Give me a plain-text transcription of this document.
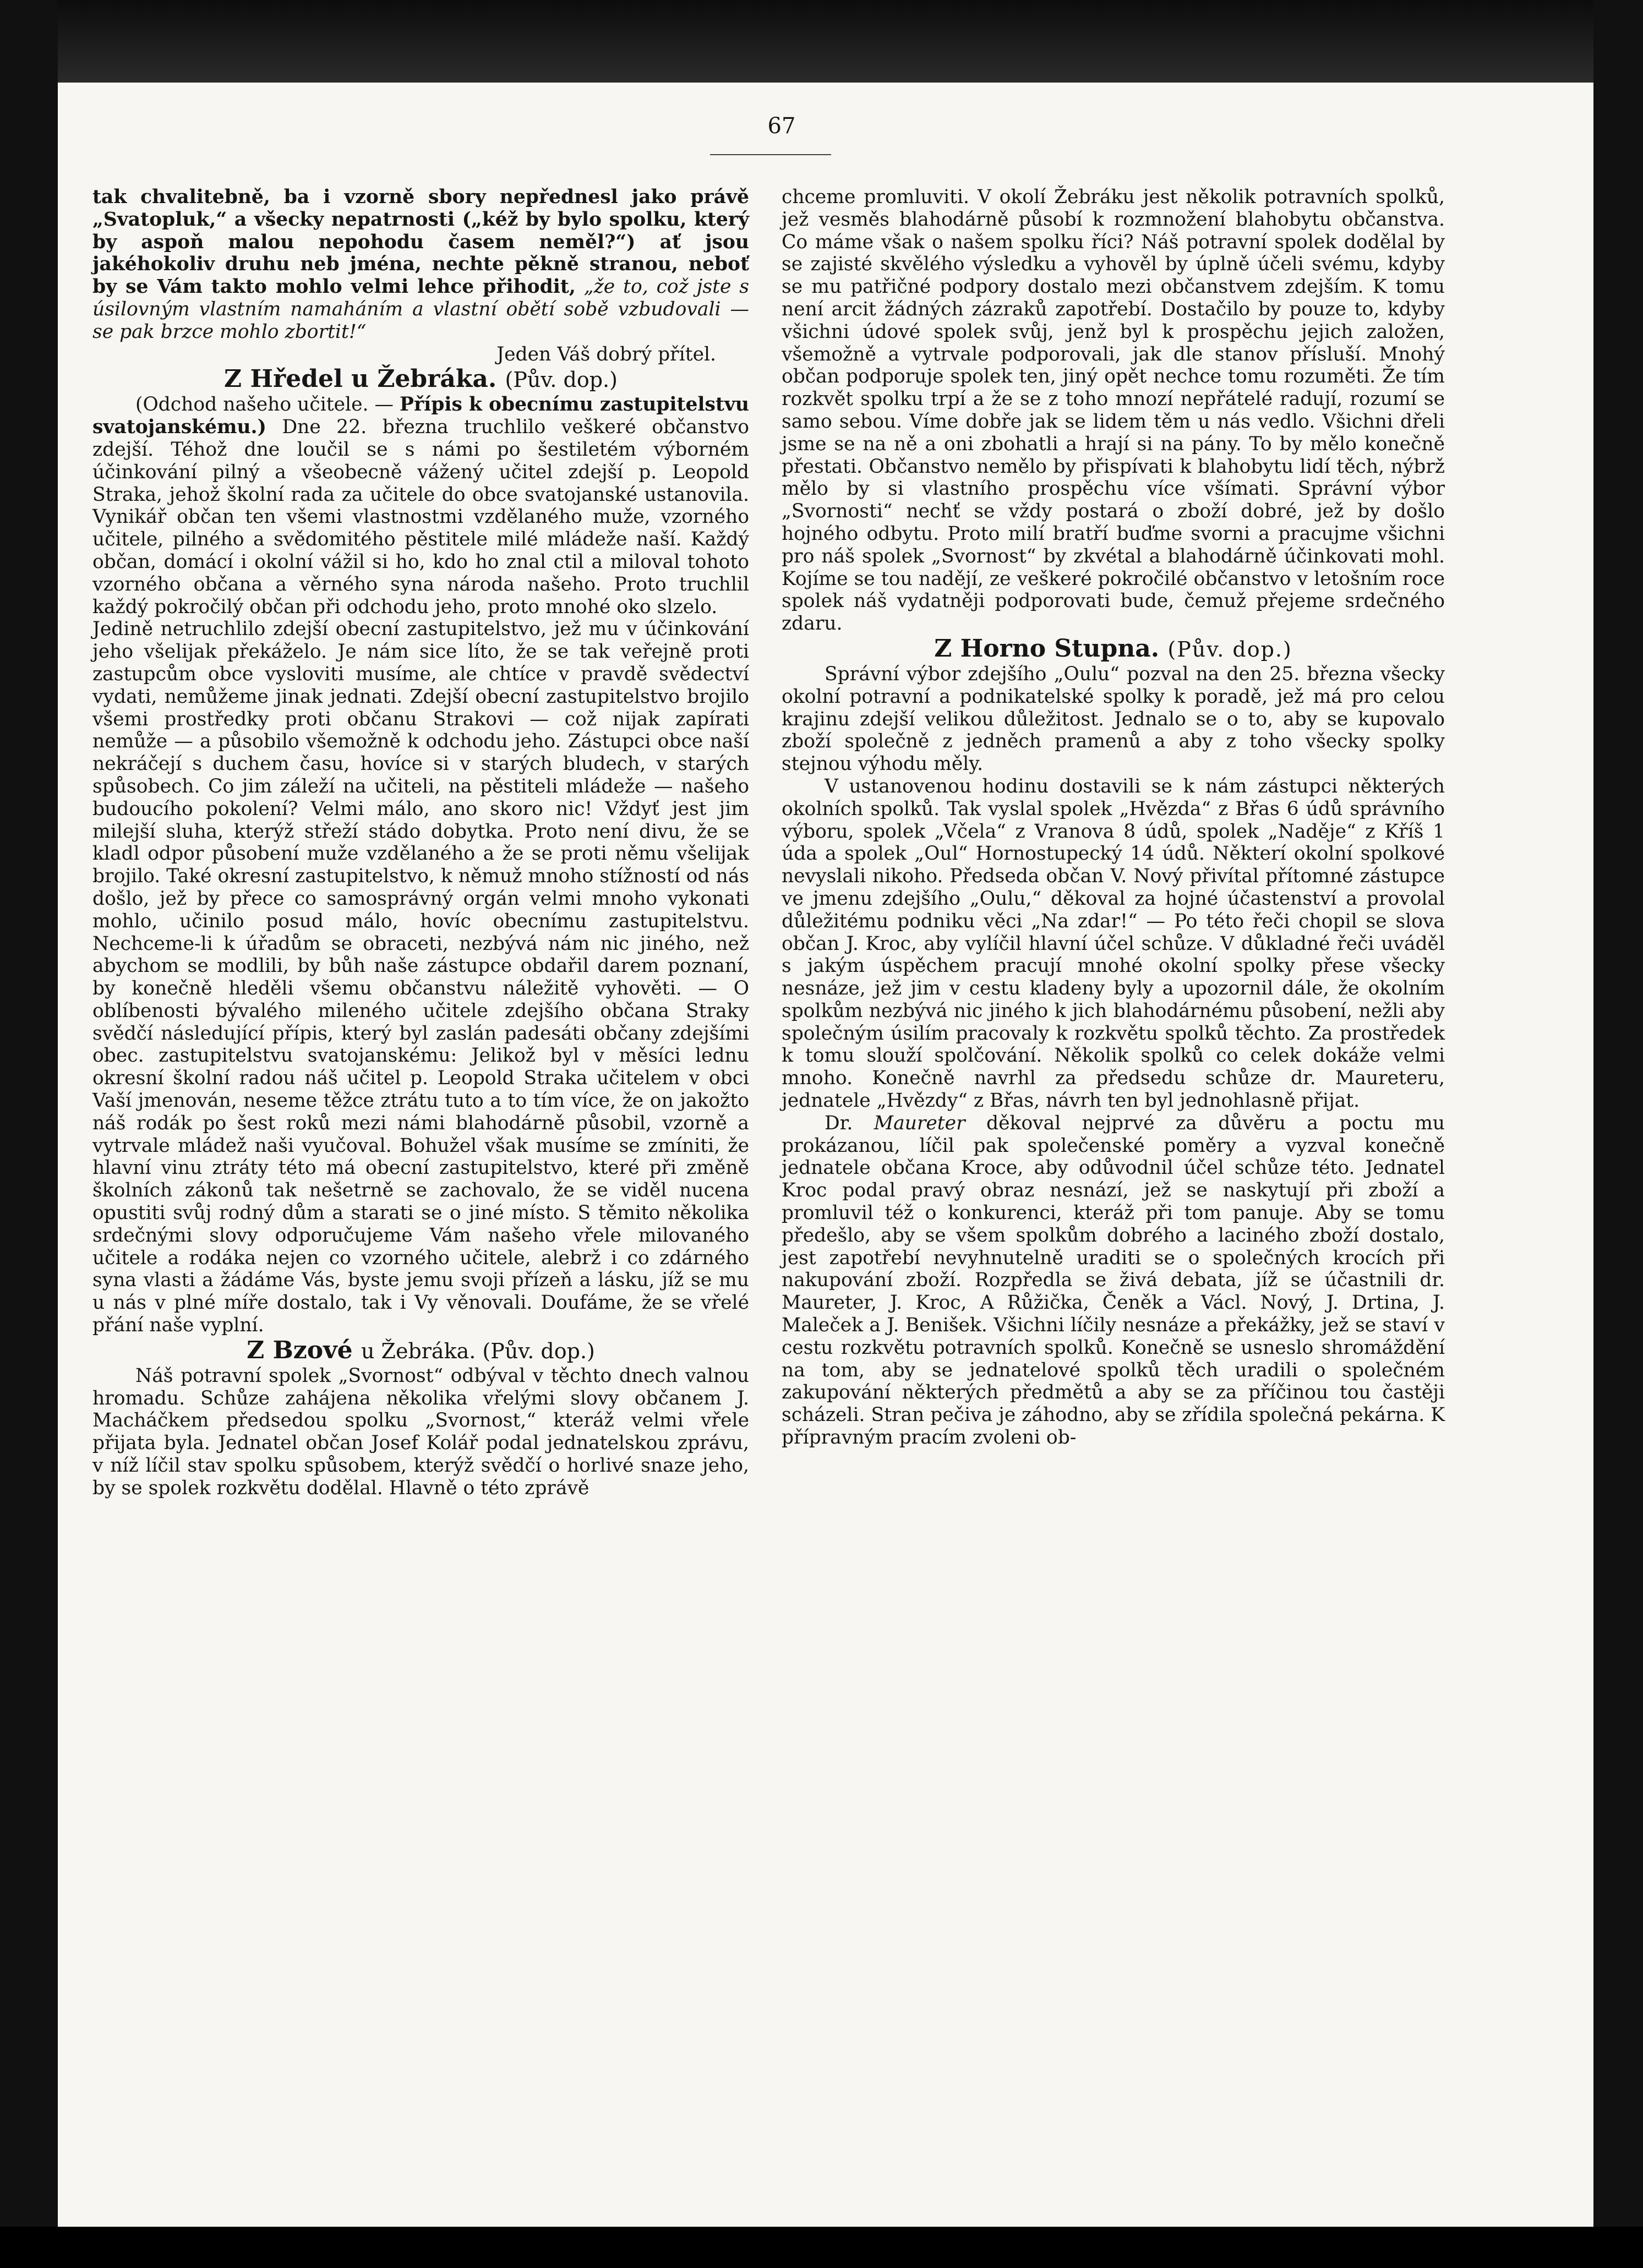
67

tak chvalitebně, ba i vzorně sbory nepřednesl jako právě „Svatopluk,“ a všecky nepatrnosti („kéž by bylo spolku, který by aspoň malou nepohodu časem neměl?“) ať jsou jakéhokoliv druhu neb jména, nechte pěkně stranou, neboť by se Vám takto mohlo velmi lehce přihodit, „že to, což jste s úsilovným vlastním namaháním a vlastní obětí sobě vzbudovali — se pak brzce mohlo zbortit!“

Jeden Váš dobrý přítel.
Z Hředel u Žebráka. (Pův. dop.)

(Odchod našeho učitele. — Přípis k obecnímu zastupitelstvu svatojanskému.) Dne 22. března truchlilo veškeré občanstvo zdejší. Téhož dne loučil se s námi po šestiletém výborném účinkování pilný a všeobecně vážený učitel zdejší p. Leopold Straka, jehož školní rada za učitele do obce svatojanské ustanovila. Vynikář občan ten všemi vlastnostmi vzdělaného muže, vzorného učitele, pilného a svědomitého pěstitele milé mládeže naší. Každý občan, domácí i okolní vážil si ho, kdo ho znal ctil a miloval tohoto vzorného občana a věrného syna národa našeho. Proto truchlil každý pokročilý občan při odchodu jeho, proto mnohé oko slzelo.

Jedině netruchlilo zdejší obecní zastupitelstvo, jež mu v účinkování jeho všelijak překáželo. Je nám sice líto, že se tak veřejně proti zastupcům obce vysloviti musíme, ale chtíce v pravdě svědectví vydati, nemůžeme jinak jednati. Zdejší obecní zastupitelstvo brojilo všemi prostředky proti občanu Strakovi — což nijak zapírati nemůže — a působilo všemožně k odchodu jeho. Zástupci obce naší nekráčejí s duchem času, hovíce si v starých bludech, v starých spůsobech. Co jim záleží na učiteli, na pěstiteli mládeže — našeho budoucího pokolení? Velmi málo, ano skoro nic! Vždyť jest jim milejší sluha, kterýž střeží stádo dobytka. Proto není divu, že se kladl odpor působení muže vzdělaného a že se proti němu všelijak brojilo. Také okresní zastupitelstvo, k němuž mnoho stížností od nás došlo, jež by přece co samosprávný orgán velmi mnoho vykonati mohlo, učinilo posud málo, hovíc obecnímu zastupitelstvu. Nechceme-li k úřadům se obraceti, nezbývá nám nic jiného, než abychom se modlili, by bůh naše zástupce obdařil darem poznaní, by konečně hleděli všemu občanstvu náležitě vyhověti. — O oblíbenosti bývalého mileného učitele zdejšího občana Straky svědčí následující přípis, který byl zaslán padesáti občany zdejšími obec. zastupitelstvu svatojanskému: Jelikož byl v měsíci lednu okresní školní radou náš učitel p. Leopold Straka učitelem v obci Vaší jmenován, neseme těžce ztrátu tuto a to tím více, že on jakožto náš rodák po šest roků mezi námi blahodárně působil, vzorně a vytrvale mládež naši vyučoval. Bohužel však musíme se zmíniti, že hlavní vinu ztráty této má obecní zastupitelstvo, které při změně školních zákonů tak nešetrně se zachovalo, že se viděl nucena opustiti svůj rodný dům a starati se o jiné místo. S těmito několika srdečnými slovy odporučujeme Vám našeho vřele milovaného učitele a rodáka nejen co vzorného učitele, alebrž i co zdárného syna vlasti a žádáme Vás, byste jemu svoji přízeň a lásku, jíž se mu u nás v plné míře dostalo, tak i Vy věnovali. Doufáme, že se vřelé přání naše vyplní.

Z Bzové u Žebráka. (Pův. dop.)

Náš potravní spolek „Svornost“ odbýval v těchto dnech valnou hromadu. Schůze zahájena několika vřelými slovy občanem J. Macháčkem předsedou spolku „Svornost,“ kteráž velmi vřele přijata byla. Jednatel občan Josef Kolář podal jednatelskou zprávu, v níž líčil stav spolku spůsobem, kterýž svědčí o horlivé snaze jeho, by se spolek rozkvětu dodělal. Hlavně o této zprávě

chceme promluviti. V okolí Žebráku jest několik potravních spolků, jež vesměs blahodárně působí k rozmnožení blahobytu občanstva. Co máme však o našem spolku říci? Náš potravní spolek dodělal by se zajisté skvělého výsledku a vyhověl by úplně účeli svému, kdyby se mu patřičné podpory dostalo mezi občanstvem zdejším. K tomu není arcit žádných zázraků zapotřebí. Dostačilo by pouze to, kdyby všichni údové spolek svůj, jenž byl k prospěchu jejich založen, všemožně a vytrvale podporovali, jak dle stanov přísluší. Mnohý občan podporuje spolek ten, jiný opět nechce tomu rozuměti. Že tím rozkvět spolku trpí a že se z toho mnozí nepřátelé radují, rozumí se samo sebou. Víme dobře jak se lidem těm u nás vedlo. Všichni dřeli jsme se na ně a oni zbohatli a hrají si na pány. To by mělo konečně přestati. Občanstvo nemělo by přispívati k blahobytu lidí těch, nýbrž mělo by si vlastního prospěchu více všímati. Správní výbor „Svornosti“ nechť se vždy postará o zboží dobré, jež by došlo hojného odbytu. Proto milí bratří buďme svorni a pracujme všichni pro náš spolek „Svornost“ by zkvétal a blahodárně účinkovati mohl. Kojíme se tou nadějí, ze veškeré pokročilé občanstvo v letošním roce spolek náš vydatněji podporovati bude, čemuž přejeme srdečného zdaru.

Z Horno Stupna. (Pův. dop.)

Správní výbor zdejšího „Oulu“ pozval na den 25. března všecky okolní potravní a podnikatelské spolky k poradě, jež má pro celou krajinu zdejší velikou důležitost. Jednalo se o to, aby se kupovalo zboží společně z jedněch pramenů a aby z toho všecky spolky stejnou výhodu měly.

V ustanovenou hodinu dostavili se k nám zástupci některých okolních spolků. Tak vyslal spolek „Hvězda“ z Břas 6 údů správního výboru, spolek „Včela“ z Vranova 8 údů, spolek „Naděje“ z Kříš 1 úda a spolek „Oul“ Hornostupecký 14 údů. Některí okolní spolkové nevyslali nikoho. Předseda občan V. Nový přivítal přítomné zástupce ve jmenu zdejšího „Oulu,“ děkoval za hojné účastenství a provolal důležitému podniku věci „Na zdar!“ — Po této řeči chopil se slova občan J. Kroc, aby vylíčil hlavní účel schůze. V důkladné řeči uváděl s jakým úspěchem pracují mnohé okolní spolky přese všecky nesnáze, jež jim v cestu kladeny byly a upozornil dále, že okolním spolkům nezbývá nic jiného k jich blahodárnému působení, nežli aby společným úsilím pracovaly k rozkvětu spolků těchto. Za prostředek k tomu slouží spolčování. Několik spolků co celek dokáže velmi mnoho. Konečně navrhl za předsedu schůze dr. Maureteru, jednatele „Hvězdy“ z Břas, návrh ten byl jednohlasně přijat.

Dr. Maureter děkoval nejprvé za důvěru a poctu mu prokázanou, líčil pak společenské poměry a vyzval konečně jednatele občana Kroce, aby odůvodnil účel schůze této. Jednatel Kroc podal pravý obraz nesnází, jež se naskytují při zboží a promluvil též o konkurenci, kteráž při tom panuje. Aby se tomu předešlo, aby se všem spolkům dobrého a laciného zboží dostalo, jest zapotřebí nevyhnutelně uraditi se o společných krocích při nakupování zboží. Rozpředla se živá debata, jíž se účastnili dr. Maureter, J. Kroc, A Růžička, Čeněk a Václ. Nový, J. Drtina, J. Maleček a J. Benišek. Všichni líčily nesnáze a překážky, jež se staví v cestu rozkvětu potravních spolků. Konečně se usneslo shromáždění na tom, aby se jednatelové spolků těch uradili o společném zakupování některých předmětů a aby se za příčinou tou častěji scházeli. Stran pečiva je záhodno, aby se zřídila společná pekárna. K přípravným pracím zvoleni ob-
